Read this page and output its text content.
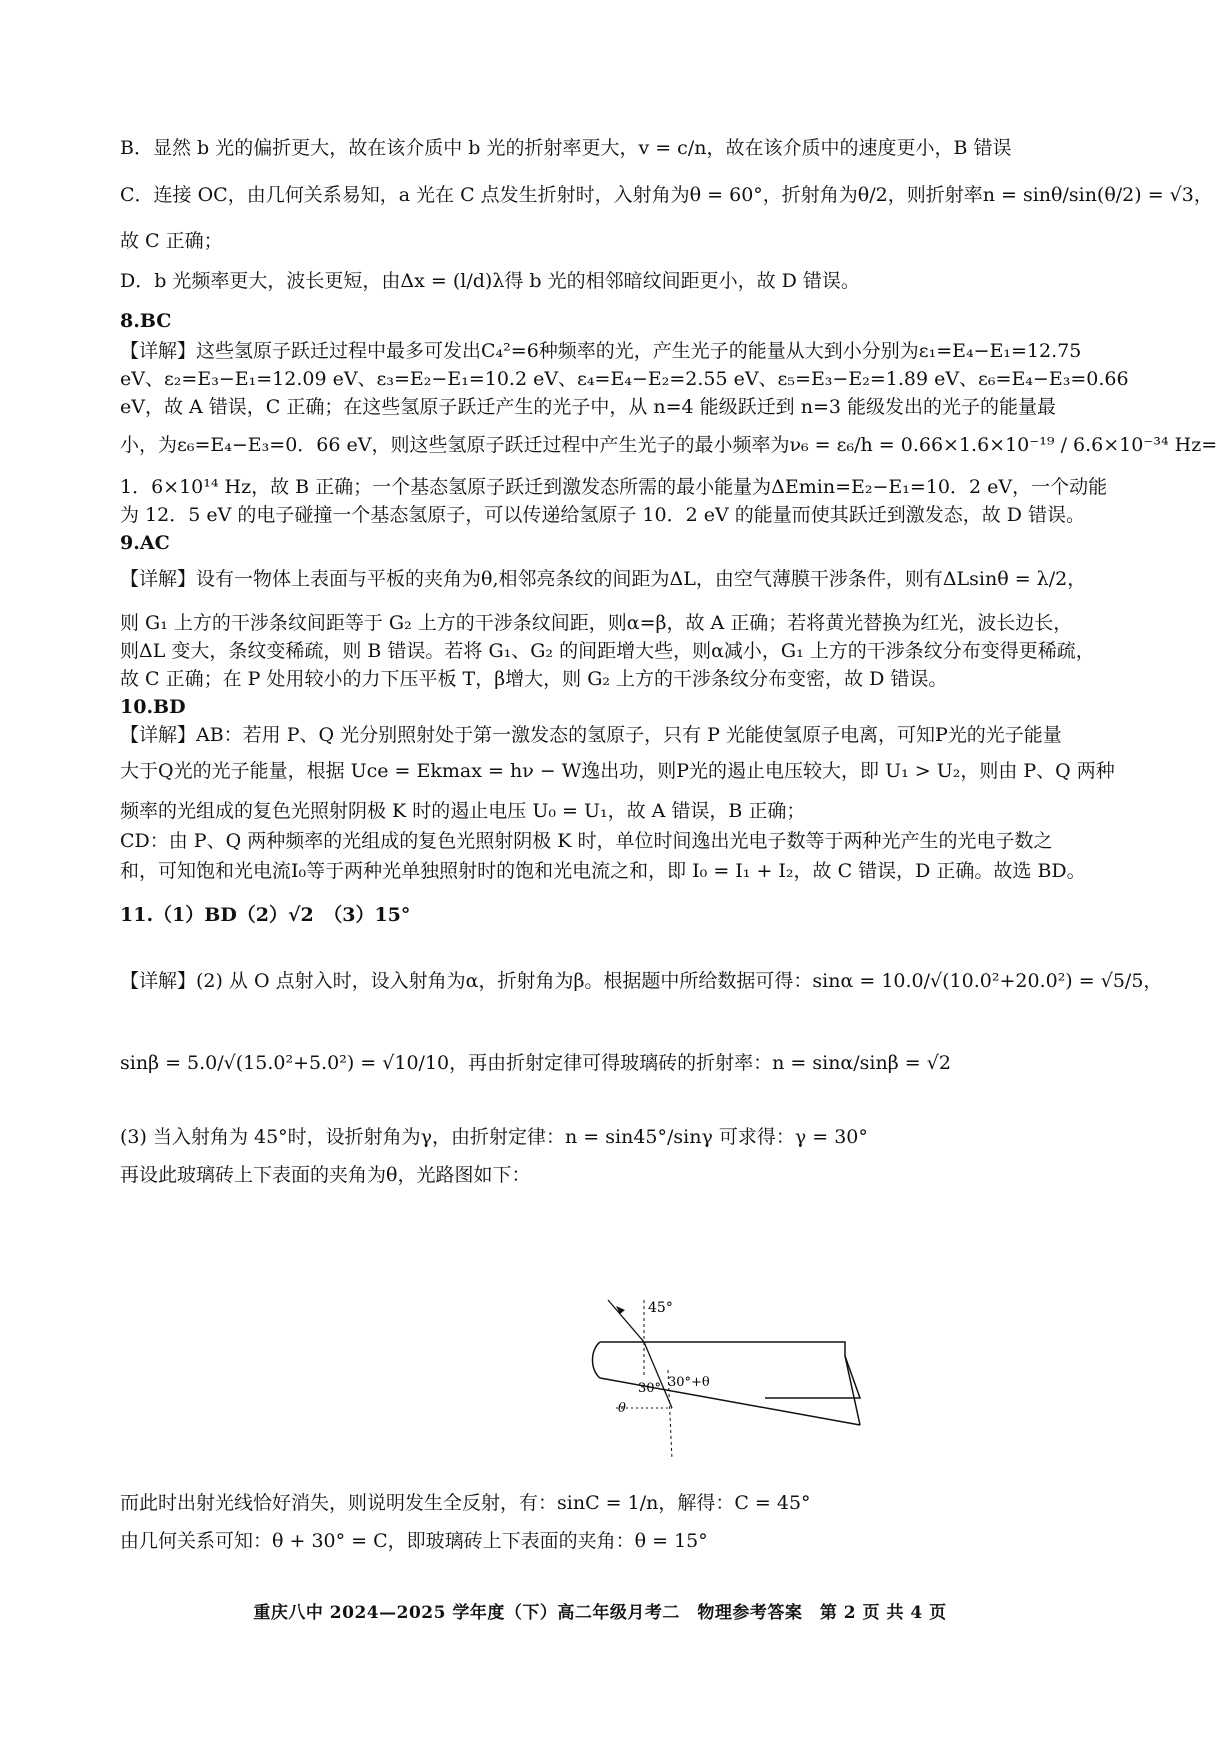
B．显然 b 光的偏折更大，故在该介质中 b 光的折射率更大，v = c/n，故在该介质中的速度更小，B 错误
C．连接 OC，由几何关系易知，a 光在 C 点发生折射时，入射角为θ = 60°，折射角为θ/2，则折射率n = sinθ/sin(θ/2) = √3，
故 C 正确；
D．b 光频率更大，波长更短，由Δx = (l/d)λ得 b 光的相邻暗纹间距更小，故 D 错误。
8.BC
【详解】这些氢原子跃迁过程中最多可发出C₄²=6种频率的光，产生光子的能量从大到小分别为ε₁=E₄−E₁=12.75
eV、ε₂=E₃−E₁=12.09 eV、ε₃=E₂−E₁=10.2 eV、ε₄=E₄−E₂=2.55 eV、ε₅=E₃−E₂=1.89 eV、ε₆=E₄−E₃=0.66
eV，故 A 错误，C 正确；在这些氢原子跃迁产生的光子中，从 n=4 能级跃迁到 n=3 能级发出的光子的能量最
小，为ε₆=E₄−E₃=0．66 eV，则这些氢原子跃迁过程中产生光子的最小频率为ν₆ = ε₆/h = 0.66×1.6×10⁻¹⁹ / 6.6×10⁻³⁴ Hz=
1．6×10¹⁴ Hz，故 B 正确；一个基态氢原子跃迁到激发态所需的最小能量为ΔEmin=E₂−E₁=10．2 eV，一个动能
为 12．5 eV 的电子碰撞一个基态氢原子，可以传递给氢原子 10．2 eV 的能量而使其跃迁到激发态，故 D 错误。
9.AC
【详解】设有一物体上表面与平板的夹角为θ,相邻亮条纹的间距为ΔL，由空气薄膜干涉条件，则有ΔLsinθ = λ/2，
则 G₁ 上方的干涉条纹间距等于 G₂ 上方的干涉条纹间距，则α=β，故 A 正确；若将黄光替换为红光，波长边长，
则ΔL 变大，条纹变稀疏，则 B 错误。若将 G₁、G₂ 的间距增大些，则α减小，G₁ 上方的干涉条纹分布变得更稀疏，
故 C 正确；在 P 处用较小的力下压平板 T，β增大，则 G₂ 上方的干涉条纹分布变密，故 D 错误。
10.BD
【详解】AB：若用 P、Q 光分别照射处于第一激发态的氢原子，只有 P 光能使氢原子电离，可知P光的光子能量
大于Q光的光子能量，根据 Uce = Ekmax = hν − W逸出功，则P光的遏止电压较大，即 U₁ > U₂，则由 P、Q 两种
频率的光组成的复色光照射阴极 K 时的遏止电压 U₀ = U₁，故 A 错误，B 正确；
CD：由 P、Q 两种频率的光组成的复色光照射阴极 K 时，单位时间逸出光电子数等于两种光产生的光电子数之
和，可知饱和光电流I₀等于两种光单独照射时的饱和光电流之和，即 I₀ = I₁ + I₂，故 C 错误，D 正确。故选 BD。
11.（1）BD（2）√2　（3）15°
【详解】(2) 从 O 点射入时，设入射角为α，折射角为β。根据题中所给数据可得：sinα = 10.0/√(10.0²+20.0²) = √5/5，
sinβ = 5.0/√(15.0²+5.0²) = √10/10，再由折射定律可得玻璃砖的折射率：n = sinα/sinβ = √2
(3) 当入射角为 45°时，设折射角为γ，由折射定律：n = sin45°/sinγ 可求得：γ = 30°
再设此玻璃砖上下表面的夹角为θ，光路图如下：
45°
30° 30°+θ
θ
而此时出射光线恰好消失，则说明发生全反射，有：sinC = 1/n，解得：C = 45°
由几何关系可知：θ + 30° = C，即玻璃砖上下表面的夹角：θ = 15°
重庆八中 2024—2025 学年度（下）高二年级月考二　物理参考答案　第 2 页 共 4 页
